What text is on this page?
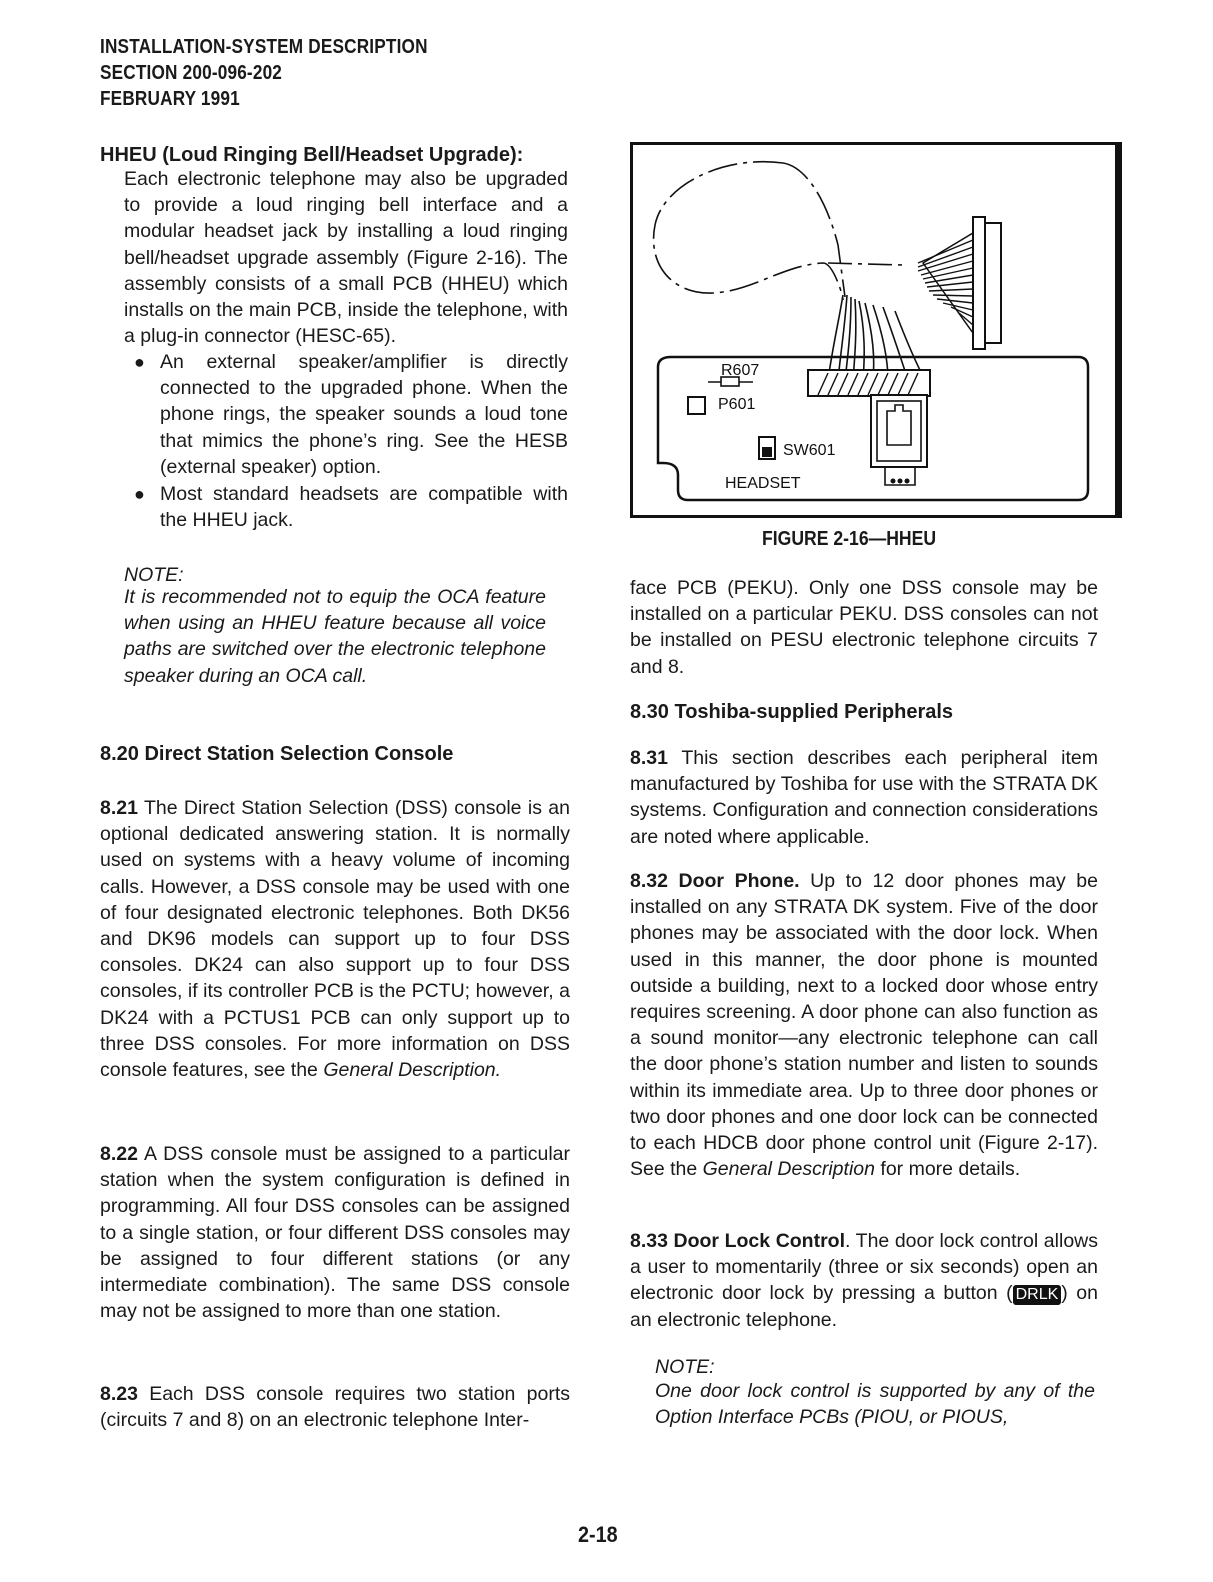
INSTALLATION-SYSTEM DESCRIPTION
SECTION 200-096-202
FEBRUARY 1991
HHEU (Loud Ringing Bell/Headset Upgrade):

Each electronic telephone may also be upgraded to provide a loud ringing bell interface and a modular headset jack by installing a loud ringing bell/headset upgrade assembly (Figure 2-16). The assembly consists of a small PCB (HHEU) which installs on the main PCB, inside the telephone, with a plug-in connector (HESC-65).

● An external speaker/amplifier is directly connected to the upgraded phone. When the phone rings, the speaker sounds a loud tone that mimics the phone’s ring. See the HESB (external speaker) option.
● Most standard headsets are compatible with the HHEU jack.
NOTE:
It is recommended not to equip the OCA feature when using an HHEU feature because all voice paths are switched over the electronic telephone speaker during an OCA call.
8.20 Direct Station Selection Console

8.21 The Direct Station Selection (DSS) console is an optional dedicated answering station. It is normally used on systems with a heavy volume of incoming calls. However, a DSS console may be used with one of four designated electronic telephones. Both DK56 and DK96 models can support up to four DSS consoles. DK24 can also support up to four DSS consoles, if its controller PCB is the PCTU; however, a DK24 with a PCTUS1 PCB can only support up to three DSS consoles. For more information on DSS console features, see the General Description.

8.22 A DSS console must be assigned to a particular station when the system configuration is defined in programming. All four DSS consoles can be assigned to a single station, or four different DSS consoles may be assigned to four different stations (or any intermediate combination). The same DSS console may not be assigned to more than one station.

8.23 Each DSS console requires two station ports (circuits 7 and 8) on an electronic telephone Inter-

R607
P601
SW601
HEADSET
FIGURE 2-16—HHEU

face PCB (PEKU). Only one DSS console may be installed on a particular PEKU. DSS consoles can not be installed on PESU electronic telephone circuits 7 and 8.

8.30 Toshiba-supplied Peripherals

8.31 This section describes each peripheral item manufactured by Toshiba for use with the STRATA DK systems. Configuration and connection considerations are noted where applicable.

8.32 Door Phone. Up to 12 door phones may be installed on any STRATA DK system. Five of the door phones may be associated with the door lock. When used in this manner, the door phone is mounted outside a building, next to a locked door whose entry requires screening. A door phone can also function as a sound monitor—any electronic telephone can call the door phone’s station number and listen to sounds within its immediate area. Up to three door phones or two door phones and one door lock can be connected to each HDCB door phone control unit (Figure 2-17). See the General Description for more details.

8.33 Door Lock Control. The door lock control allows a user to momentarily (three or six seconds) open an electronic door lock by pressing a button ( DRLK ) on an electronic telephone.

NOTE:
One door lock control is supported by any of the Option Interface PCBs (PIOU, or PIOUS,
2-18
